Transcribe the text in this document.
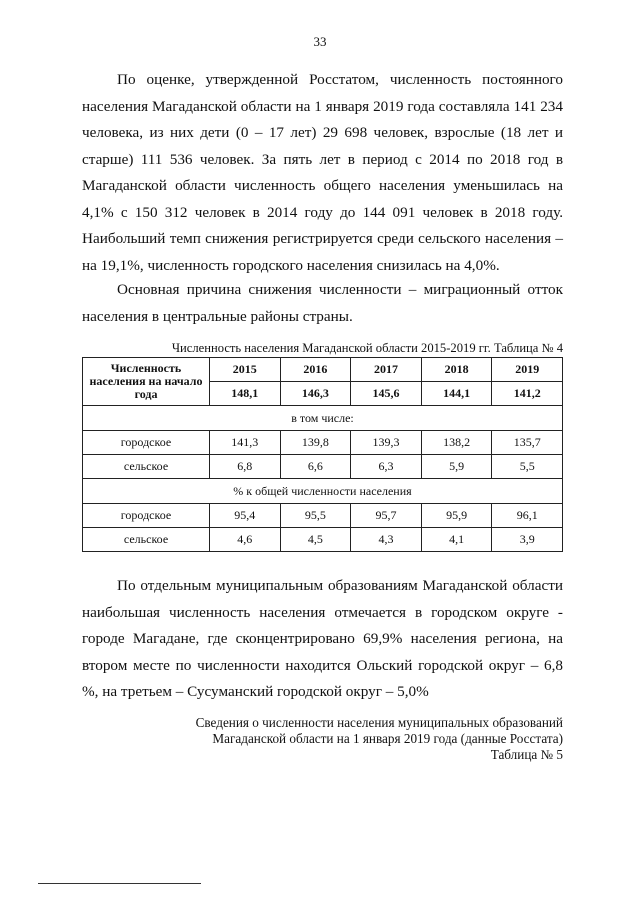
33

По оценке, утвержденной Росстатом, численность постоянного населения Магаданской области на 1 января 2019 года составляла 141 234 человека, из них дети (0 – 17 лет) 29 698 человек, взрослые (18 лет и старше) 111 536 человек. За пять лет в период с 2014 по 2018 год в Магаданской области численность общего населения уменьшилась на 4,1% с 150 312 человек в 2014 году до 144 091 человек в 2018 году. Наибольший темп снижения регистрируется среди сельского населения – на 19,1%, численность городского населения снизилась на 4,0%.

Основная причина снижения численности – миграционный отток населения в центральные районы страны.

Численность населения Магаданской области 2015-2019 гг. Таблица № 4
Численность населения на начало года	2015	2016	2017	2018	2019
	148,1	146,3	145,6	144,1	141,2
в том числе:					
городское	141,3	139,8	139,3	138,2	135,7
сельское	6,8	6,6	6,3	5,9	5,5
% к общей численности населения					
городское	95,4	95,5	95,7	95,9	96,1
сельское	4,6	4,5	4,3	4,1	3,9

По отдельным муниципальным образованиям Магаданской области наибольшая численность населения отмечается в городском округе - городе Магадане, где сконцентрировано 69,9% населения региона, на втором месте по численности находится Ольский городской округ – 6,8 %, на третьем – Сусуманский городской округ – 5,0%

Сведения о численности населения муниципальных образований
Магаданской области на 1 января 2019 года (данные Росстата)
Таблица № 5
